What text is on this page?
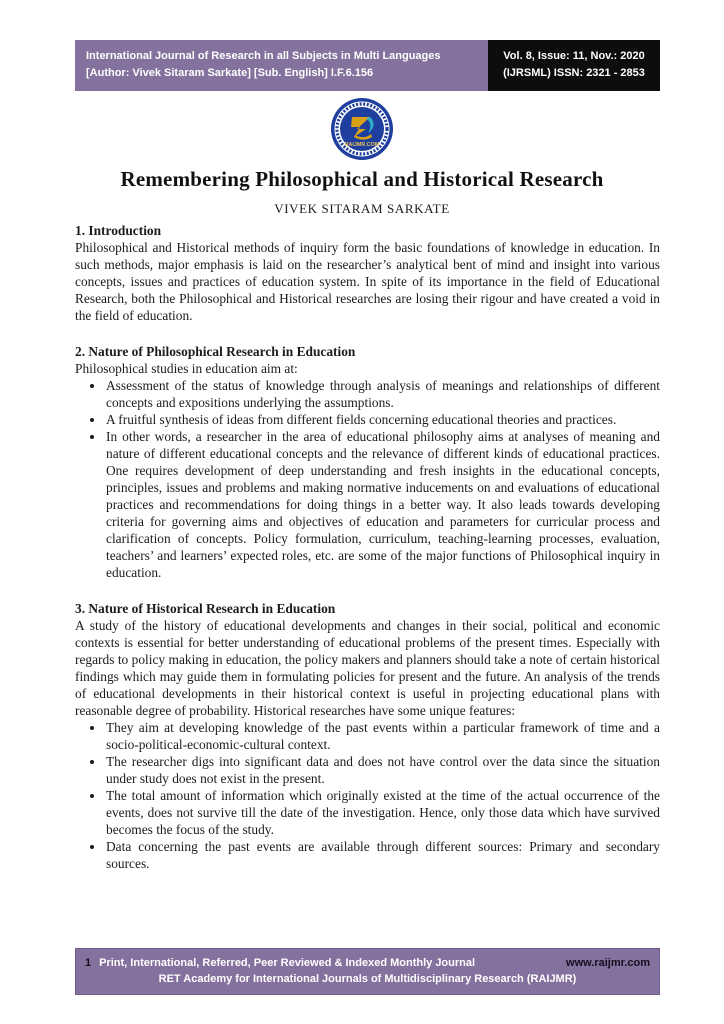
International Journal of Research in all Subjects in Multi Languages
[Author: Vivek Sitaram Sarkate] [Sub. English] I.F.6.156
Vol. 8, Issue: 11, Nov.: 2020
(IJRSML) ISSN: 2321 - 2853
RAIJMR.COM
Remembering Philosophical and Historical Research
VIVEK SITARAM SARKATE
1. Introduction

Philosophical and Historical methods of inquiry form the basic foundations of knowledge in education. In such methods, major emphasis is laid on the researcher’s analytical bent of mind and insight into various concepts, issues and practices of education system. In spite of its importance in the field of Educational Research, both the Philosophical and Historical researches are losing their rigour and have created a void in the field of education.

2. Nature of Philosophical Research in Education

Philosophical studies in education aim at:

• Assessment of the status of knowledge through analysis of meanings and relationships of different concepts and expositions underlying the assumptions.
• A fruitful synthesis of ideas from different fields concerning educational theories and practices.
• In other words, a researcher in the area of educational philosophy aims at analyses of meaning and nature of different educational concepts and the relevance of different kinds of educational practices. One requires development of deep understanding and fresh insights in the educational concepts, principles, issues and problems and making normative inducements on and evaluations of educational practices and recommendations for doing things in a better way. It also leads towards developing criteria for governing aims and objectives of education and parameters for curricular process and clarification of concepts. Policy formulation, curriculum, teaching-learning processes, evaluation, teachers’ and learners’ expected roles, etc. are some of the major functions of Philosophical inquiry in education.
3. Nature of Historical Research in Education

A study of the history of educational developments and changes in their social, political and economic contexts is essential for better understanding of educational problems of the present times. Especially with regards to policy making in education, the policy makers and planners should take a note of certain historical findings which may guide them in formulating policies for present and the future. An analysis of the trends of educational developments in their historical context is useful in projecting educational plans with reasonable degree of probability. Historical researches have some unique features:

• They aim at developing knowledge of the past events within a particular framework of time and a socio-political-economic-cultural context.
• The researcher digs into significant data and does not have control over the data since the situation under study does not exist in the present.
• The total amount of information which originally existed at the time of the actual occurrence of the events, does not survive till the date of the investigation. Hence, only those data which have survived becomes the focus of the study.
• Data concerning the past events are available through different sources: Primary and secondary sources.
1 Print, International, Referred, Peer Reviewed & Indexed Monthly Journal	www.raijmr.com
RET Academy for International Journals of Multidisciplinary Research (RAIJMR)
